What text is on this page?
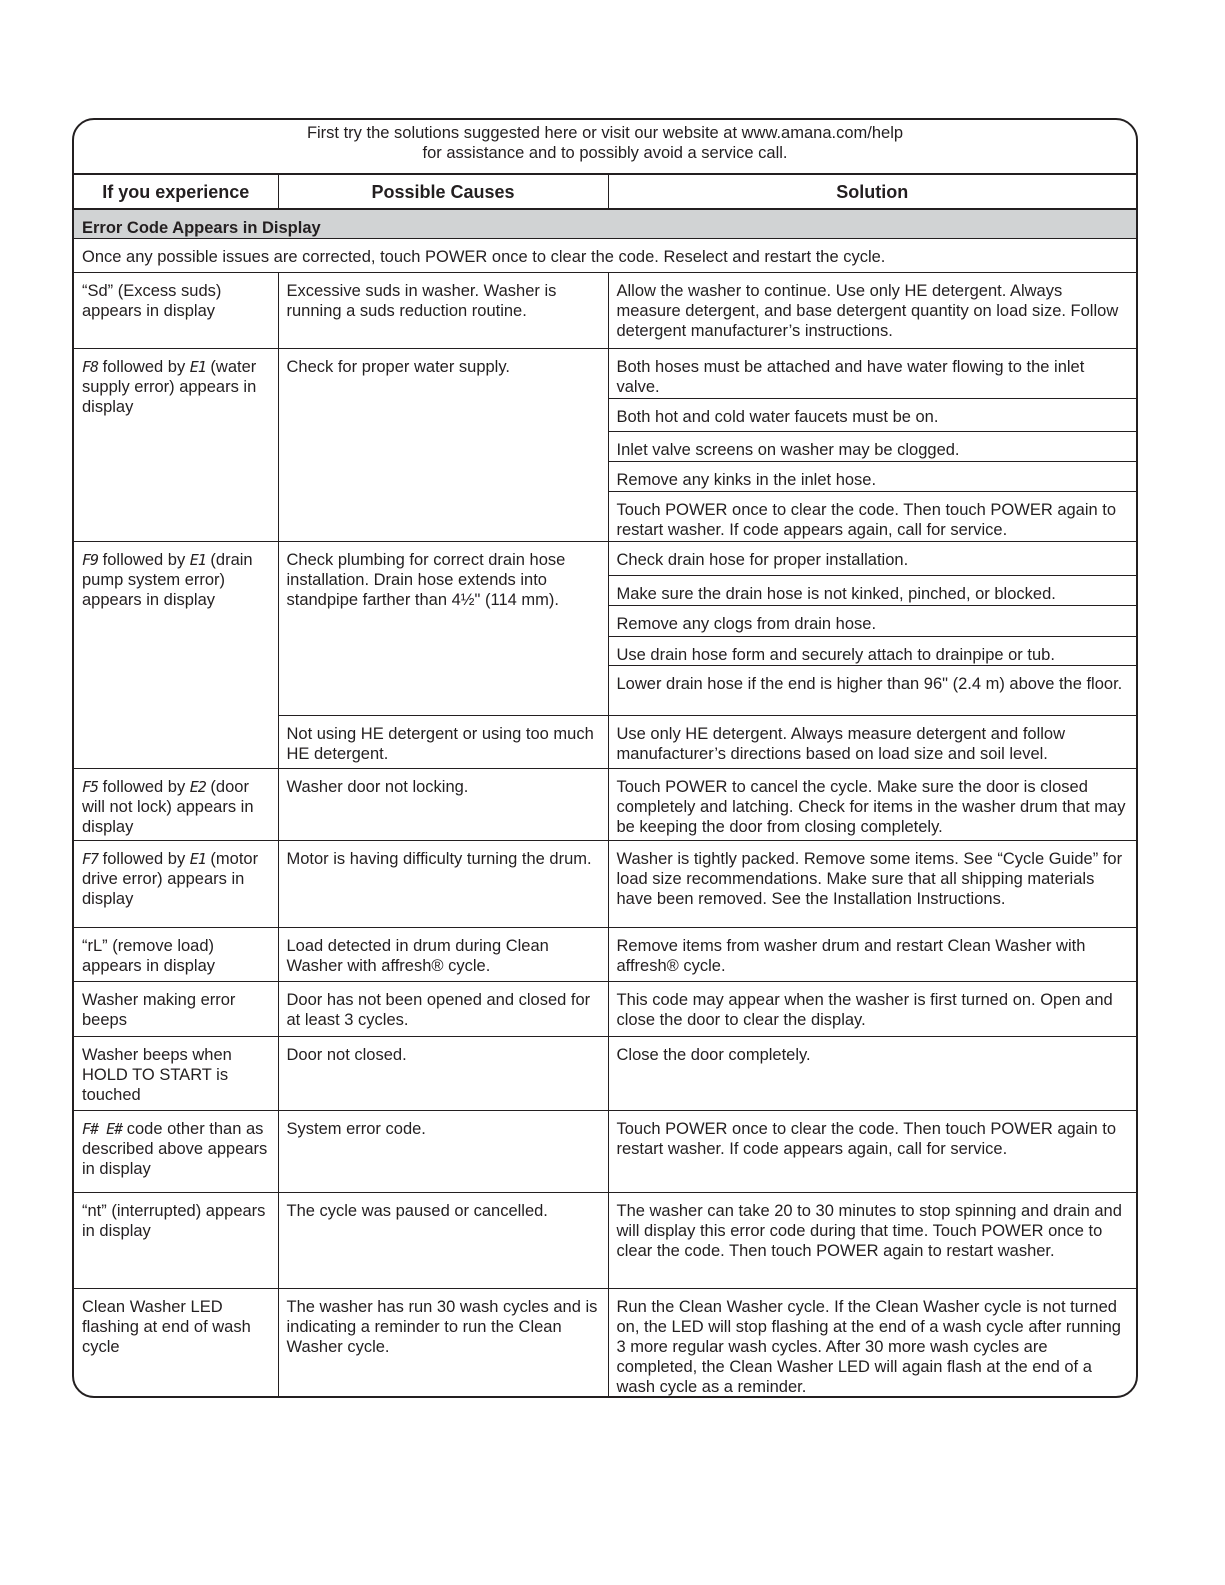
First try the solutions suggested here or visit our website at www.amana.com/help
for assistance and to possibly avoid a service call.
If you experience	Possible Causes	Solution
Error Code Appears in Display		
Once any possible issues are corrected, touch POWER once to clear the code. Reselect and restart the cycle.		
“Sd” (Excess suds) appears in display	Excessive suds in washer. Washer is running a suds reduction routine.	Allow the washer to continue. Use only HE detergent. Always measure detergent, and base detergent quantity on load size. Follow detergent manufacturer’s instructions.
F8 followed by E1 (water supply error) appears in display	Check for proper water supply.	Both hoses must be attached and have water flowing to the inlet valve.
		Both hot and cold water faucets must be on.
		Inlet valve screens on washer may be clogged.
		Remove any kinks in the inlet hose.
		Touch POWER once to clear the code. Then touch POWER again to restart washer. If code appears again, call for service.
F9 followed by E1 (drain pump system error) appears in display	Check plumbing for correct drain hose installation. Drain hose extends into standpipe farther than 4½" (114 mm).	Check drain hose for proper installation.
		Make sure the drain hose is not kinked, pinched, or blocked.
		Remove any clogs from drain hose.
		Use drain hose form and securely attach to drainpipe or tub.
		Lower drain hose if the end is higher than 96" (2.4 m) above the floor.
	Not using HE detergent or using too much HE detergent.	Use only HE detergent. Always measure detergent and follow manufacturer’s directions based on load size and soil level.
F5 followed by E2 (door will not lock) appears in display	Washer door not locking.	Touch POWER to cancel the cycle. Make sure the door is closed completely and latching. Check for items in the washer drum that may be keeping the door from closing completely.
F7 followed by E1 (motor drive error) appears in display	Motor is having difficulty turning the drum.	Washer is tightly packed. Remove some items. See “Cycle Guide” for load size recommendations. Make sure that all shipping materials have been removed. See the Installation Instructions.
“rL” (remove load) appears in display	Load detected in drum during Clean Washer with affresh® cycle.	Remove items from washer drum and restart Clean Washer with affresh® cycle.
Washer making error beeps	Door has not been opened and closed for at least 3 cycles.	This code may appear when the washer is first turned on. Open and close the door to clear the display.
Washer beeps when HOLD TO START is touched	Door not closed.	Close the door completely.
F# E# code other than as described above appears in display	System error code.	Touch POWER once to clear the code. Then touch POWER again to restart washer. If code appears again, call for service.
“nt” (interrupted) appears in display	The cycle was paused or cancelled.	The washer can take 20 to 30 minutes to stop spinning and drain and will display this error code during that time. Touch POWER once to clear the code. Then touch POWER again to restart washer.
Clean Washer LED flashing at end of wash cycle	The washer has run 30 wash cycles and is indicating a reminder to run the Clean Washer cycle.	Run the Clean Washer cycle. If the Clean Washer cycle is not turned on, the LED will stop flashing at the end of a wash cycle after running 3 more regular wash cycles. After 30 more wash cycles are completed, the Clean Washer LED will again flash at the end of a wash cycle as a reminder.
